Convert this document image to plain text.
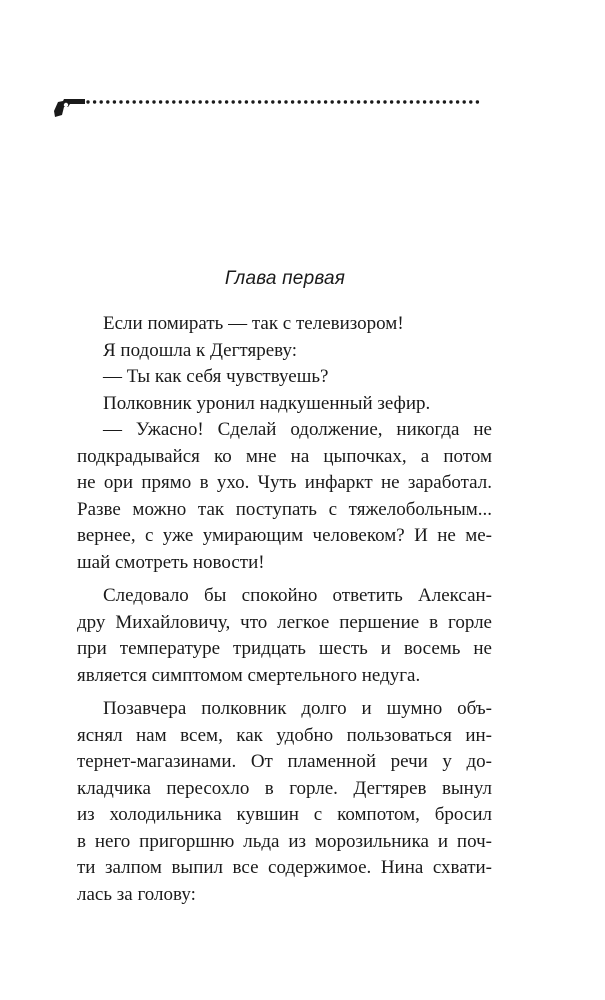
Глава первая
Если помирать — так с телевизором!
Я подошла к Дегтяреву:
— Ты как себя чувствуешь?
Полковник уронил надкушенный зефир.
— Ужасно! Сделай одолжение, никогда не
подкрадывайся ко мне на цыпочках, а потом
не ори прямо в ухо. Чуть инфаркт не заработал.
Разве можно так поступать с тяжелобольным...
вернее, с уже умирающим человеком? И не ме-
шай смотреть новости!
Следовало бы спокойно ответить Алексан-
дру Михайловичу, что легкое першение в горле
при температуре тридцать шесть и восемь не
является симптомом смертельного недуга.
Позавчера полковник долго и шумно объ-
яснял нам всем, как удобно пользоваться ин-
тернет-магазинами. От пламенной речи у до-
кладчика пересохло в горле. Дегтярев вынул
из холодильника кувшин с компотом, бросил
в него пригоршню льда из морозильника и поч-
ти залпом выпил все содержимое. Нина схвати-
лась за голову:
